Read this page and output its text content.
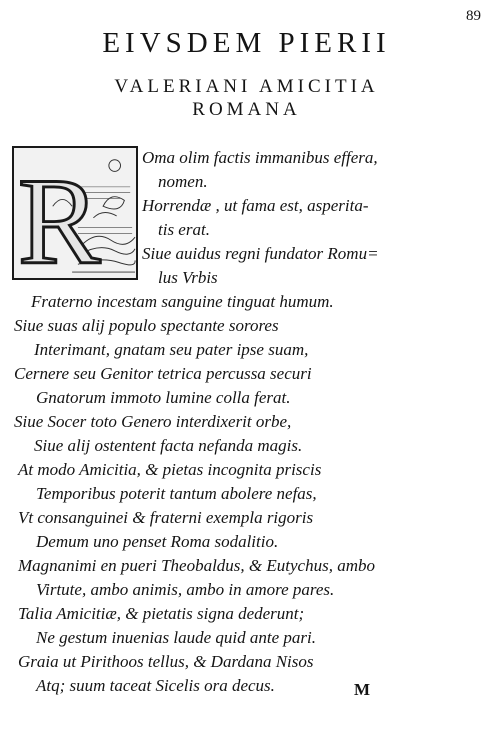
89
EIVSDEM PIERII
VALERIANI AMICITIA
ROMANA
R Oma olim factis immanibus effera,
nomen.
Horrendæ , ut fama est, asperita-
tis erat.
Siue auidus regni fundator Romu=
lus Vrbis
Fraterno incestam sanguine tinguat humum.
Siue suas alij populo spectante sorores
Interimant, gnatam seu pater ipse suam,
Cernere seu Genitor tetrica percussa securi
Gnatorum immoto lumine colla ferat.
Siue Socer toto Genero interdixerit orbe,
Siue alij ostentent facta nefanda magis.
At modo Amicitia, & pietas incognita priscis
Temporibus poterit tantum abolere nefas,
Vt consanguinei & fraterni exempla rigoris
Demum uno penset Roma sodalitio.
Magnanimi en pueri Theobaldus, & Eutychus, ambo
Virtute, ambo animis, ambo in amore pares.
Talia Amicitiæ, & pietatis signa dederunt;
Ne gestum inuenias laude quid ante pari.
Graia ut Pirithoos tellus, & Dardana Nisos
Atq; suum taceat Sicelis ora decus.	M
